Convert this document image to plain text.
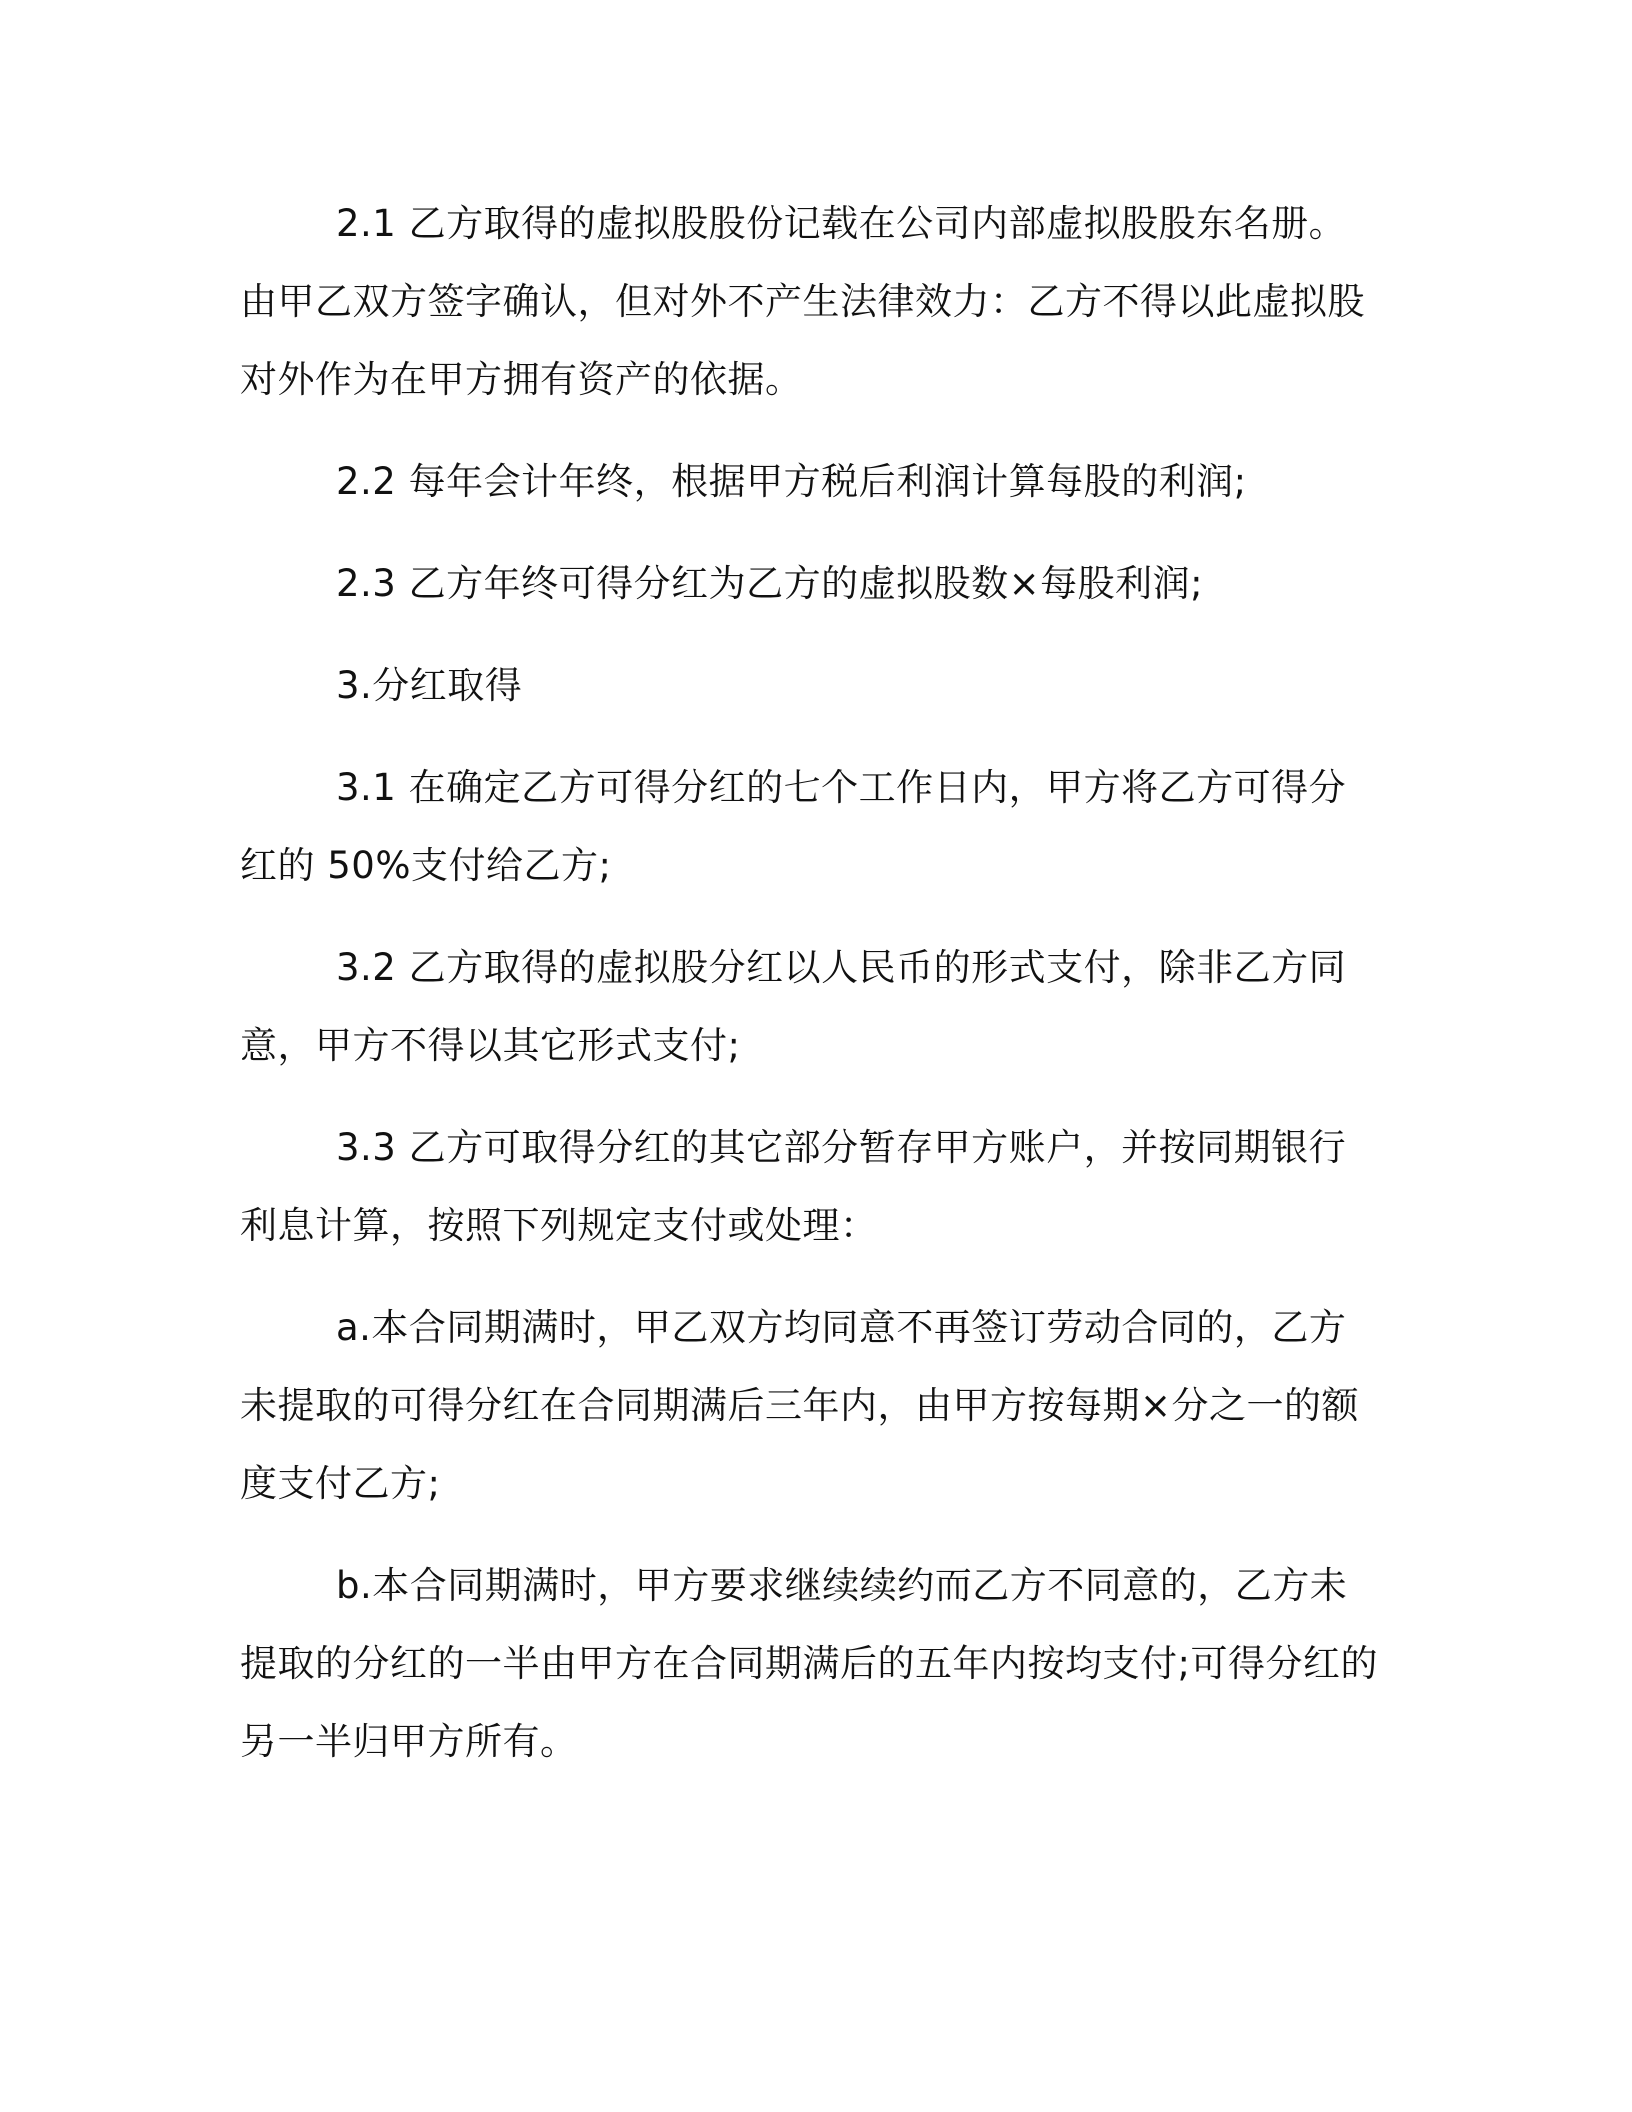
2.1 乙方取得的虚拟股股份记载在公司内部虚拟股股东名册。由甲乙双方签字确认，但对外不产生法律效力：乙方不得以此虚拟股对外作为在甲方拥有资产的依据。

2.2 每年会计年终，根据甲方税后利润计算每股的利润;

2.3 乙方年终可得分红为乙方的虚拟股数×每股利润;

3.分红取得

3.1 在确定乙方可得分红的七个工作日内，甲方将乙方可得分红的 50%支付给乙方;

3.2 乙方取得的虚拟股分红以人民币的形式支付，除非乙方同意，甲方不得以其它形式支付;

3.3 乙方可取得分红的其它部分暂存甲方账户，并按同期银行利息计算，按照下列规定支付或处理：

a.本合同期满时，甲乙双方均同意不再签订劳动合同的，乙方未提取的可得分红在合同期满后三年内，由甲方按每期×分之一的额度支付乙方;

b.本合同期满时，甲方要求继续续约而乙方不同意的，乙方未提取的分红的一半由甲方在合同期满后的五年内按均支付;可得分红的另一半归甲方所有。
